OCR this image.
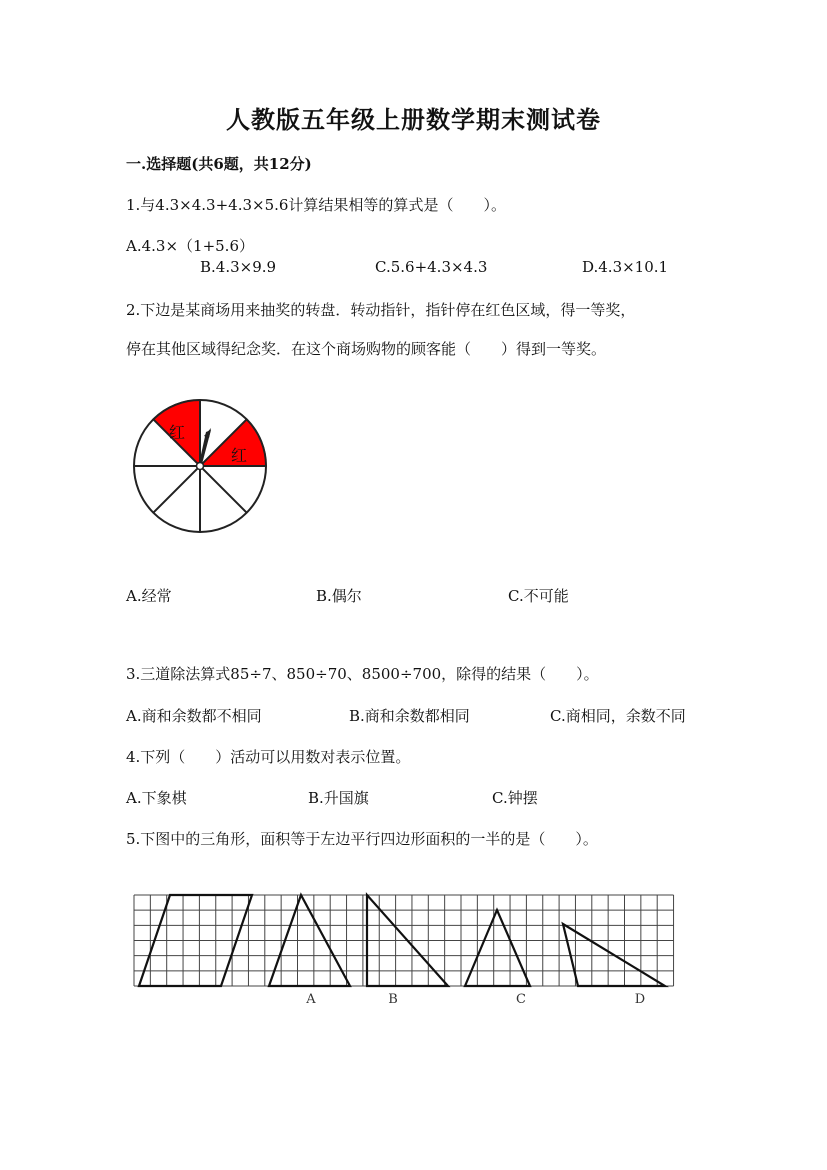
人教版五年级上册数学期末测试卷
一.选择题(共6题，共12分)
1.与4.3×4.3+4.3×5.6计算结果相等的算式是（　　）。
A.4.3×（1+5.6）
B.4.3×9.9	C.5.6+4.3×4.3	D.4.3×10.1
2.下边是某商场用来抽奖的转盘．转动指针，指针停在红色区域，得一等奖，
停在其他区域得纪念奖．在这个商场购物的顾客能（　　）得到一等奖。
红
红
A.经常	B.偶尔	C.不可能
3.三道除法算式85÷7、850÷70、8500÷700，除得的结果（　　）。
A.商和余数都不相同	B.商和余数都相同	C.商相同，余数不同
4.下列（　　）活动可以用数对表示位置。
A.下象棋	B.升国旗	C.钟摆
5.下图中的三角形，面积等于左边平行四边形面积的一半的是（　　）。
A	B	C	D
